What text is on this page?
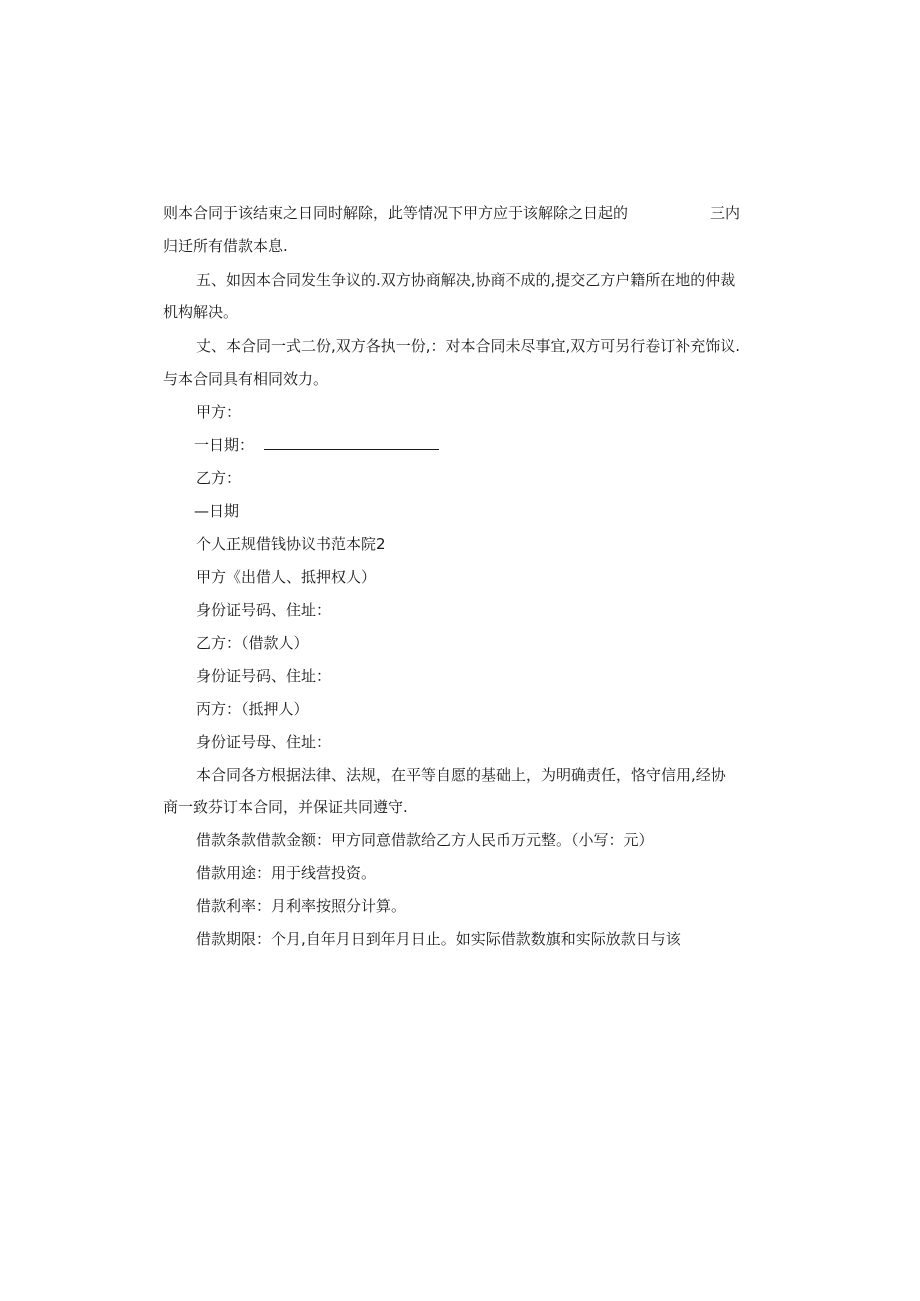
则本合同于该结束之日同时解除，此等情况下甲方应于该解除之日起的	三内
归迁所有借款本息.
五、如因本合同发生争议的.双方协商解决,协商不成的,提交乙方户籍所在地的仲裁
机构解决。
丈、本合同一式二份,双方各执一份,：对本合同未尽事宜,双方可另行卷订补充饰议.
与本合同具有相同效力。
甲方：
一日期：
乙方：
—日期
个人正规借钱协议书范本院2
甲方《出借人、抵押权人）
身份证号码、住址：
乙方：（借款人）
身份证号码、住址：
丙方：（抵押人）
身份证号母、住址：
本合同各方根据法律、法规，在平等自愿的基础上，为明确责任，恪守信用,经协
商一致芬订本合同，并保证共同遵守.
借款条款借款金额：甲方同意借款给乙方人民币万元整。（小写：元）
借款用途：用于线营投资。
借款利率：月利率按照分计算。
借款期限：个月,自年月日到年月日止。如实际借款数旗和实际放款日与该
